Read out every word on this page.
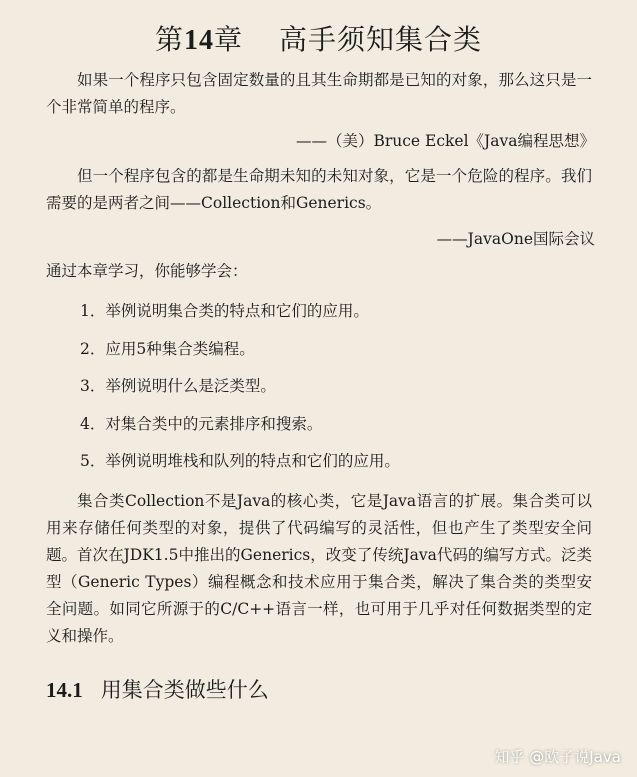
第14章 高手须知集合类

如果一个程序只包含固定数量的且其生命期都是已知的对象，那么这只是一个非常简单的程序。

——（美）Bruce Eckel《Java编程思想》

但一个程序包含的都是生命期未知的未知对象，它是一个危险的程序。我们需要的是两者之间——Collection和Generics。

——JavaOne国际会议
通过本章学习，你能够学会：
1．举例说明集合类的特点和它们的应用。
2．应用5种集合类编程。
3．举例说明什么是泛类型。
4．对集合类中的元素排序和搜索。
5．举例说明堆栈和队列的特点和它们的应用。

集合类Collection不是Java的核心类，它是Java语言的扩展。集合类可以用来存储任何类型的对象，提供了代码编写的灵活性，但也产生了类型安全问题。首次在JDK1.5中推出的Generics，改变了传统Java代码的编写方式。泛类型（Generic Types）编程概念和技术应用于集合类，解决了集合类的类型安全问题。如同它所源于的C/C++语言一样，也可用于几乎对任何数据类型的定义和操作。

14.1 用集合类做些什么
知乎 @欧子说Java
